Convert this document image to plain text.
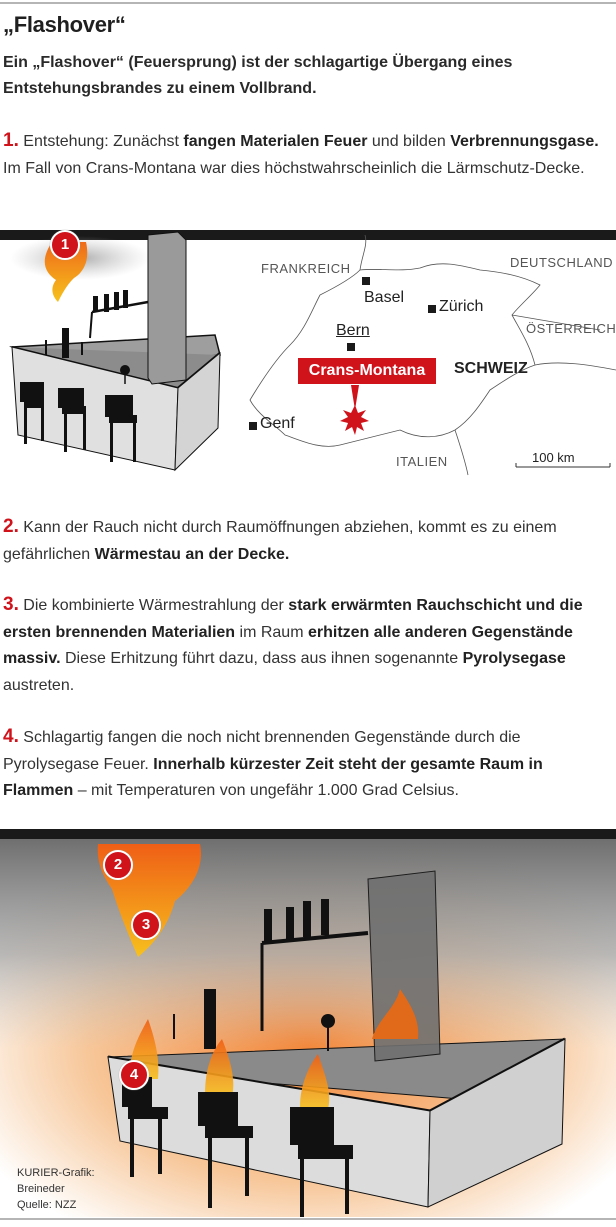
„Flashover“
Ein „Flashover“ (Feuersprung) ist der schlagartige Übergang eines Entstehungsbrandes zu einem Vollbrand.
1. Entstehung: Zunächst fangen Materialen Feuer und bilden Verbrennungsgase. Im Fall von Crans-Montana war dies höchstwahrscheinlich die Lärmschutz-Decke.
1
FRANKREICH	DEUTSCHLAND
ÖSTERREICH
ITALIEN
SCHWEIZ
Basel
Zürich
Bern
Genf
Crans-Montana
100 km
2. Kann der Rauch nicht durch Raumöffnungen abziehen, kommt es zu einem gefährlichen Wärmestau an der Decke.
3. Die kombinierte Wärmestrahlung der stark erwärmten Rauchschicht und die ersten brennenden Materialien im Raum erhitzen alle anderen Gegenstände massiv. Diese Erhitzung führt dazu, dass aus ihnen sogenannte Pyrolysegase austreten.
4. Schlagartig fangen die noch nicht brennenden Gegenstände durch die Pyrolysegase Feuer. Innerhalb kürzester Zeit steht der gesamte Raum in Flammen – mit Temperaturen von ungefähr 1.000 Grad Celsius.
2
3
4
KURIER-Grafik:
Breineder
Quelle: NZZ
